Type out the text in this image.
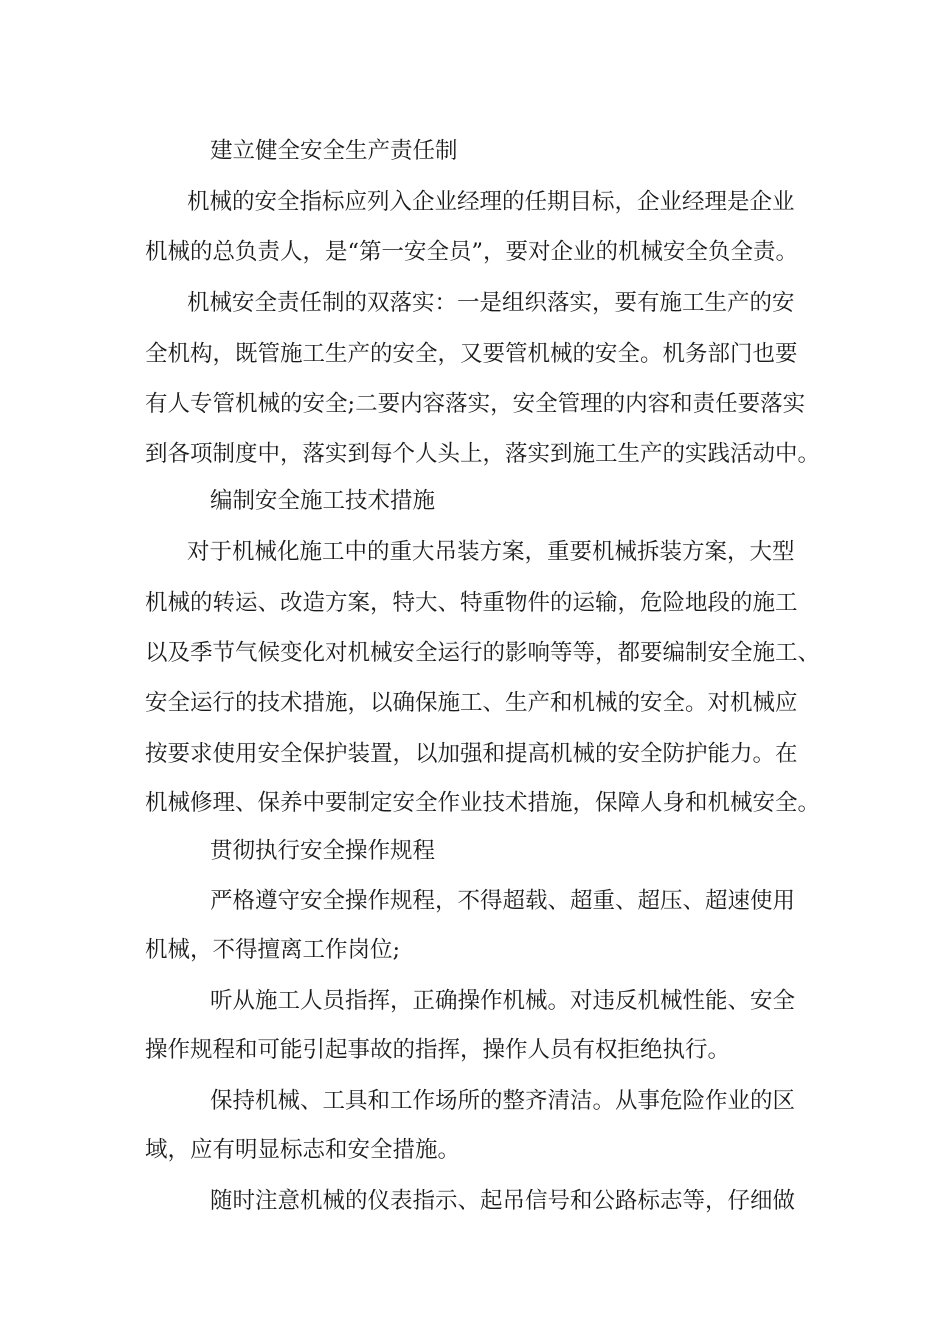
建立健全安全生产责任制

机械的安全指标应列入企业经理的任期目标，企业经理是企业

机械的总负责人，是“第一安全员”，要对企业的机械安全负全责。

机械安全责任制的双落实：一是组织落实，要有施工生产的安

全机构，既管施工生产的安全，又要管机械的安全。机务部门也要

有人专管机械的安全;二要内容落实，安全管理的内容和责任要落实

到各项制度中，落实到每个人头上，落实到施工生产的实践活动中。

编制安全施工技术措施

对于机械化施工中的重大吊装方案，重要机械拆装方案，大型

机械的转运、改造方案，特大、特重物件的运输，危险地段的施工

以及季节气候变化对机械安全运行的影响等等，都要编制安全施工、

安全运行的技术措施，以确保施工、生产和机械的安全。对机械应

按要求使用安全保护装置，以加强和提高机械的安全防护能力。在

机械修理、保养中要制定安全作业技术措施，保障人身和机械安全。

贯彻执行安全操作规程

严格遵守安全操作规程，不得超载、超重、超压、超速使用

机械，不得擅离工作岗位;

听从施工人员指挥，正确操作机械。对违反机械性能、安全

操作规程和可能引起事故的指挥，操作人员有权拒绝执行。

保持机械、工具和工作场所的整齐清洁。从事危险作业的区

域，应有明显标志和安全措施。

随时注意机械的仪表指示、起吊信号和公路标志等，仔细做
